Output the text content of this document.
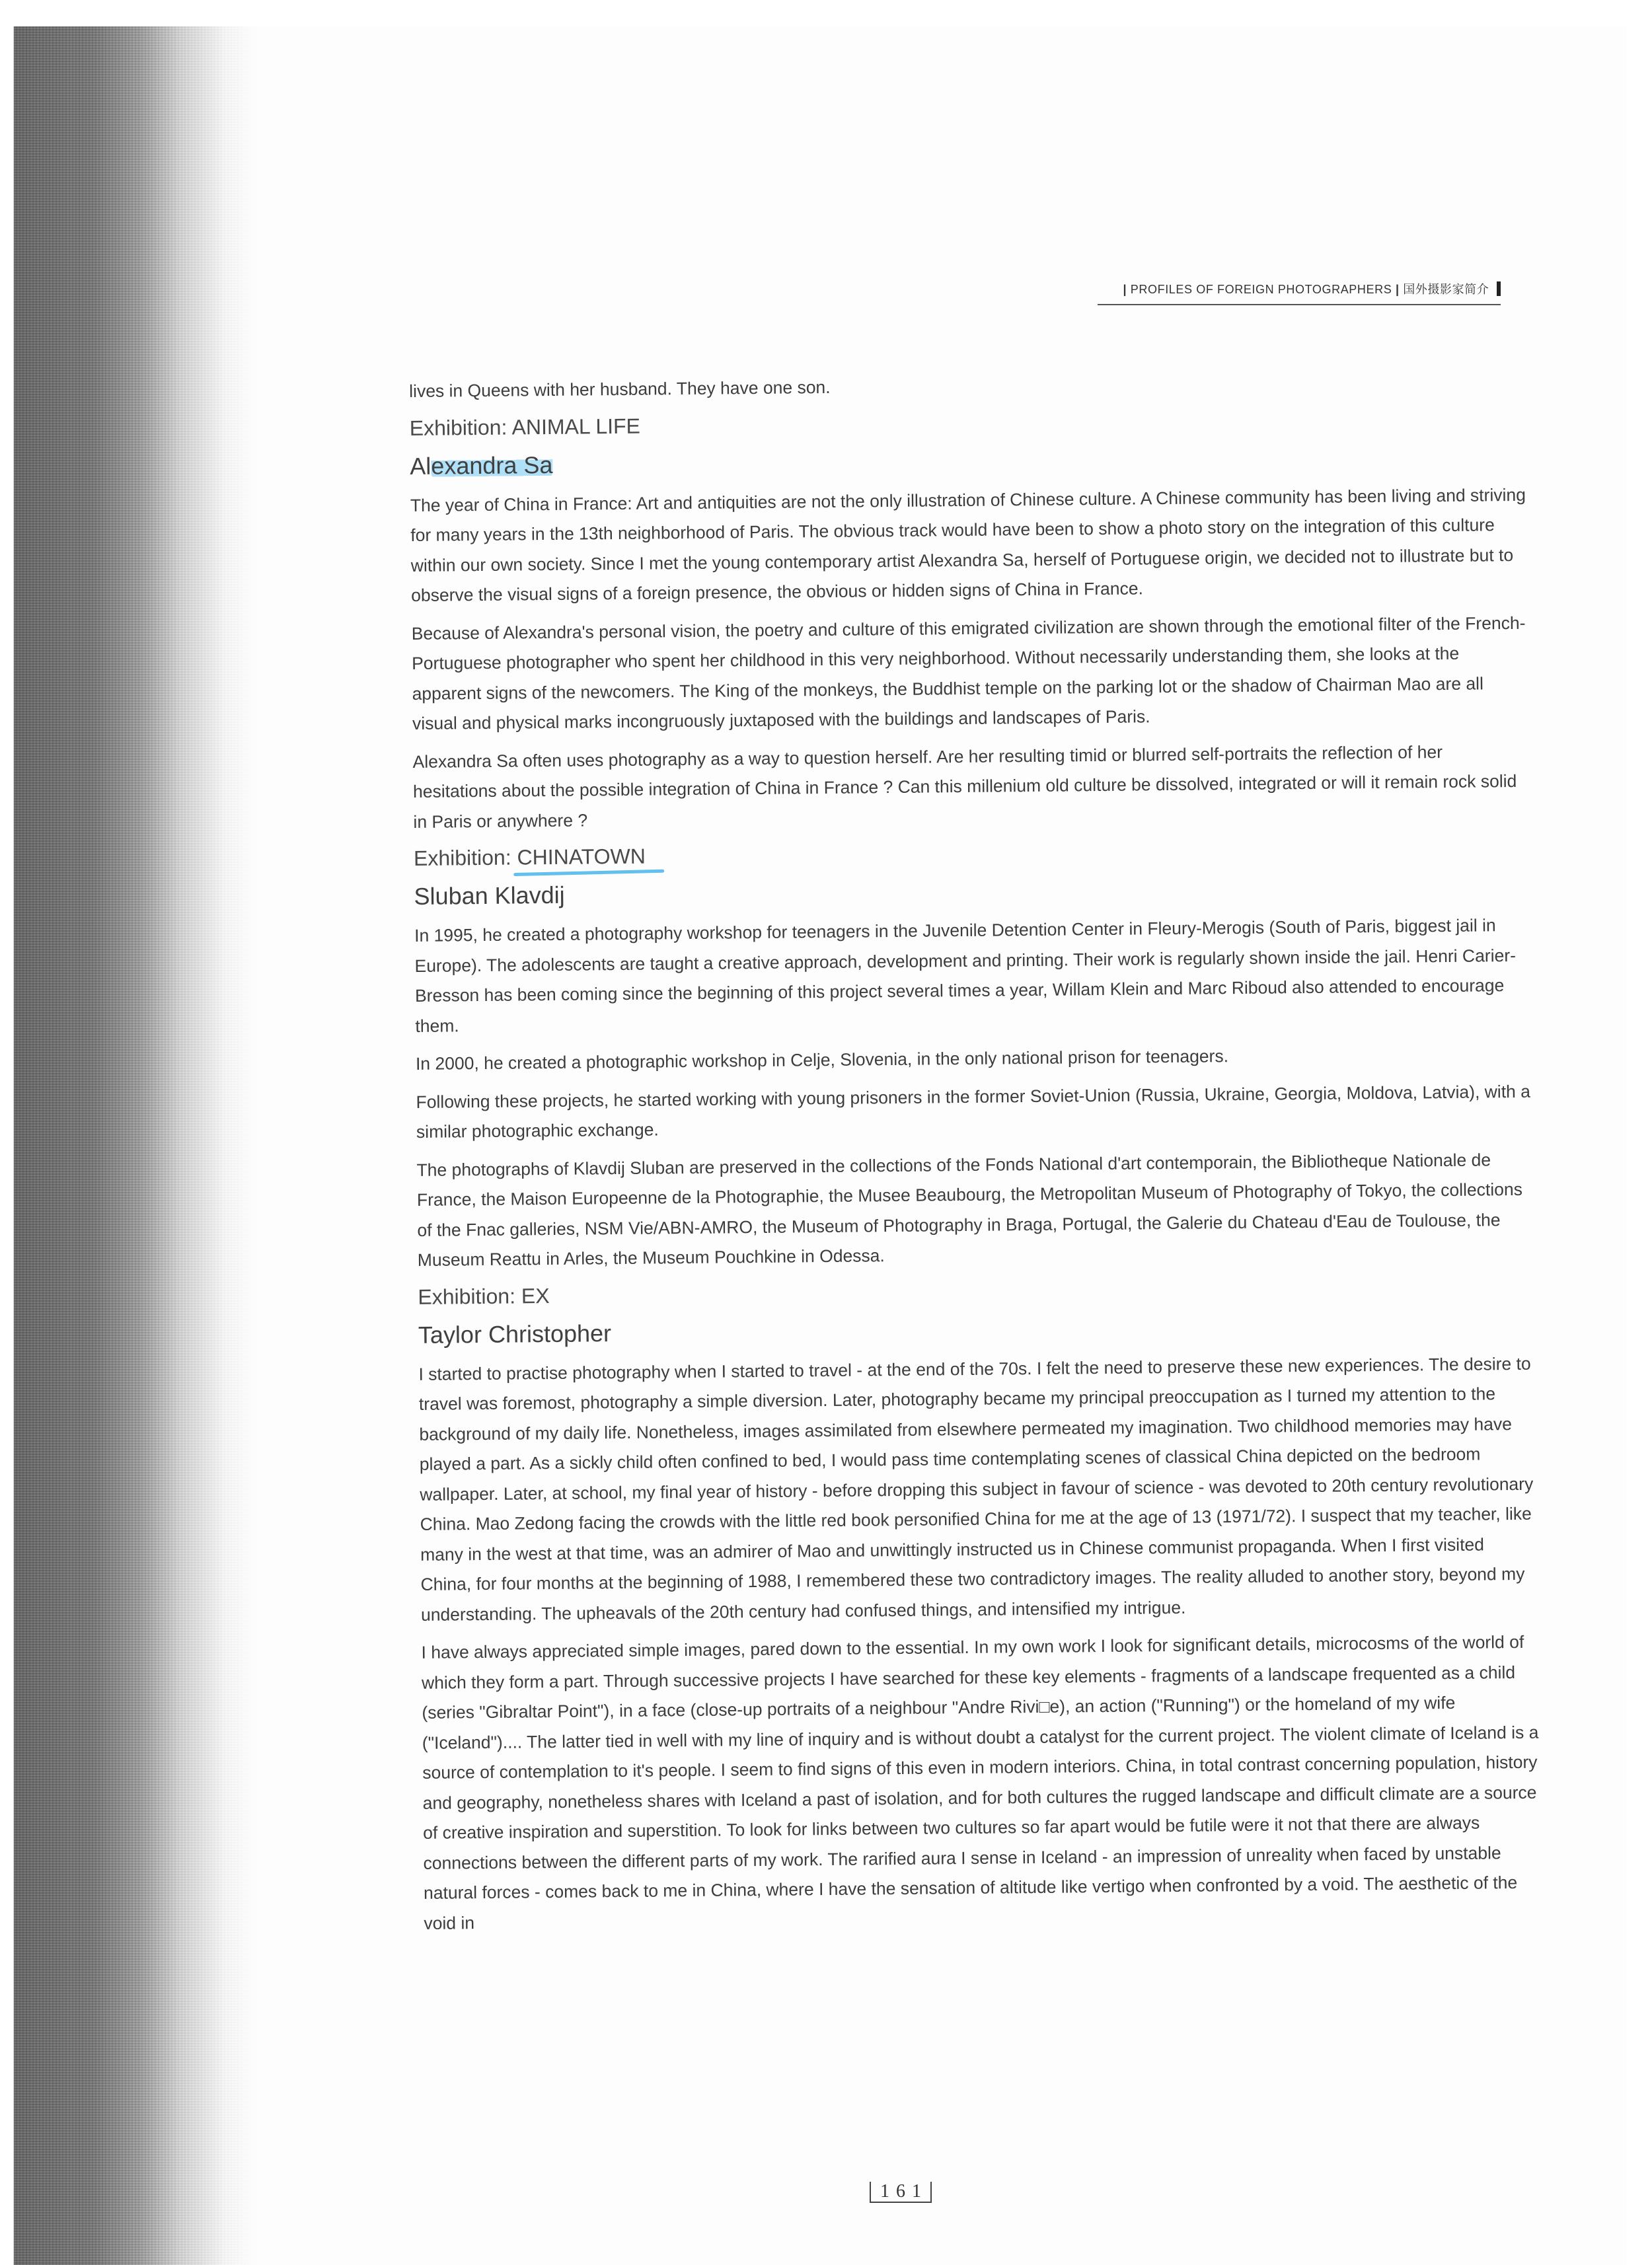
| PROFILES OF FOREIGN PHOTOGRAPHERS | 国外摄影家简介

lives in Queens with her husband. They have one son.

Exhibition: ANIMAL LIFE
Alexandra Sa

The year of China in France: Art and antiquities are not the only illustration of Chinese culture. A Chinese community has been living and striving for many years in the 13th neighborhood of Paris. The obvious track would have been to show a photo story on the integration of this culture within our own society. Since I met the young contemporary artist Alexandra Sa, herself of Portuguese origin, we decided not to illustrate but to observe the visual signs of a foreign presence, the obvious or hidden signs of China in France.

Because of Alexandra's personal vision, the poetry and culture of this emigrated civilization are shown through the emotional filter of the French-Portuguese photographer who spent her childhood in this very neighborhood. Without necessarily understanding them, she looks at the apparent signs of the newcomers. The King of the monkeys, the Buddhist temple on the parking lot or the shadow of Chairman Mao are all visual and physical marks incongruously juxtaposed with the buildings and landscapes of Paris.

Alexandra Sa often uses photography as a way to question herself. Are her resulting timid or blurred self-portraits the reflection of her hesitations about the possible integration of China in France ? Can this millenium old culture be dissolved, integrated or will it remain rock solid in Paris or anywhere ?

Exhibition: CHINATOWN
Sluban Klavdij

In 1995, he created a photography workshop for teenagers in the Juvenile Detention Center in Fleury-Merogis (South of Paris, biggest jail in Europe). The adolescents are taught a creative approach, development and printing. Their work is regularly shown inside the jail. Henri Carier-Bresson has been coming since the beginning of this project several times a year, Willam Klein and Marc Riboud also attended to encourage them.

In 2000, he created a photographic workshop in Celje, Slovenia, in the only national prison for teenagers.

Following these projects, he started working with young prisoners in the former Soviet-Union (Russia, Ukraine, Georgia, Moldova, Latvia), with a similar photographic exchange.

The photographs of Klavdij Sluban are preserved in the collections of the Fonds National d'art contemporain, the Bibliotheque Nationale de France, the Maison Europeenne de la Photographie, the Musee Beaubourg, the Metropolitan Museum of Photography of Tokyo, the collections of the Fnac galleries, NSM Vie/ABN-AMRO, the Museum of Photography in Braga, Portugal, the Galerie du Chateau d'Eau de Toulouse, the Museum Reattu in Arles, the Museum Pouchkine in Odessa.

Exhibition: EX
Taylor Christopher

I started to practise photography when I started to travel - at the end of the 70s. I felt the need to preserve these new experiences. The desire to travel was foremost, photography a simple diversion. Later, photography became my principal preoccupation as I turned my attention to the background of my daily life. Nonetheless, images assimilated from elsewhere permeated my imagination. Two childhood memories may have played a part. As a sickly child often confined to bed, I would pass time contemplating scenes of classical China depicted on the bedroom wallpaper. Later, at school, my final year of history - before dropping this subject in favour of science - was devoted to 20th century revolutionary China. Mao Zedong facing the crowds with the little red book personified China for me at the age of 13 (1971/72). I suspect that my teacher, like many in the west at that time, was an admirer of Mao and unwittingly instructed us in Chinese communist propaganda. When I first visited China, for four months at the beginning of 1988, I remembered these two contradictory images. The reality alluded to another story, beyond my understanding. The upheavals of the 20th century had confused things, and intensified my intrigue.

I have always appreciated simple images, pared down to the essential. In my own work I look for significant details, microcosms of the world of which they form a part. Through successive projects I have searched for these key elements - fragments of a landscape frequented as a child (series "Gibraltar Point"), in a face (close-up portraits of a neighbour "Andre Rivi□e), an action ("Running") or the homeland of my wife ("Iceland").... The latter tied in well with my line of inquiry and is without doubt a catalyst for the current project. The violent climate of Iceland is a source of contemplation to it's people. I seem to find signs of this even in modern interiors. China, in total contrast concerning population, history and geography, nonetheless shares with Iceland a past of isolation, and for both cultures the rugged landscape and difficult climate are a source of creative inspiration and superstition. To look for links between two cultures so far apart would be futile were it not that there are always connections between the different parts of my work. The rarified aura I sense in Iceland - an impression of unreality when faced by unstable natural forces - comes back to me in China, where I have the sensation of altitude like vertigo when confronted by a void. The aesthetic of the void in

161
